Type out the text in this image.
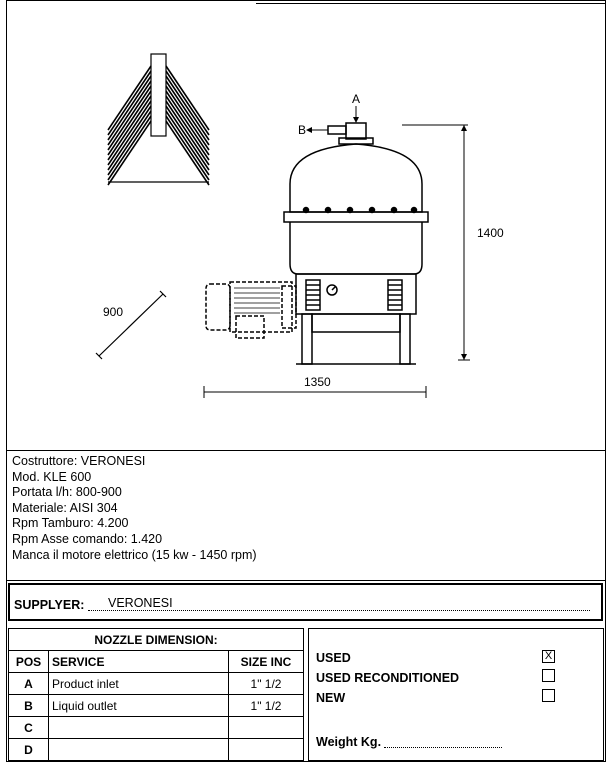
A
B
1400
1350
900
Costruttore: VERONESI
Mod. KLE 600
Portata l/h: 800-900
Materiale: AISI 304
Rpm Tamburo: 4.200
Rpm Asse comando: 1.420
Manca il motore elettrico (15 kw - 1450 rpm)
SUPPLYER: VERONESI
NOZZLE DIMENSION:		
POS	SERVICE	SIZE INC
A	Product inlet	1" 1/2
B	Liquid outlet	1" 1/2
C		
D		
USED
USED RECONDITIONED
NEW
X
Weight Kg.
